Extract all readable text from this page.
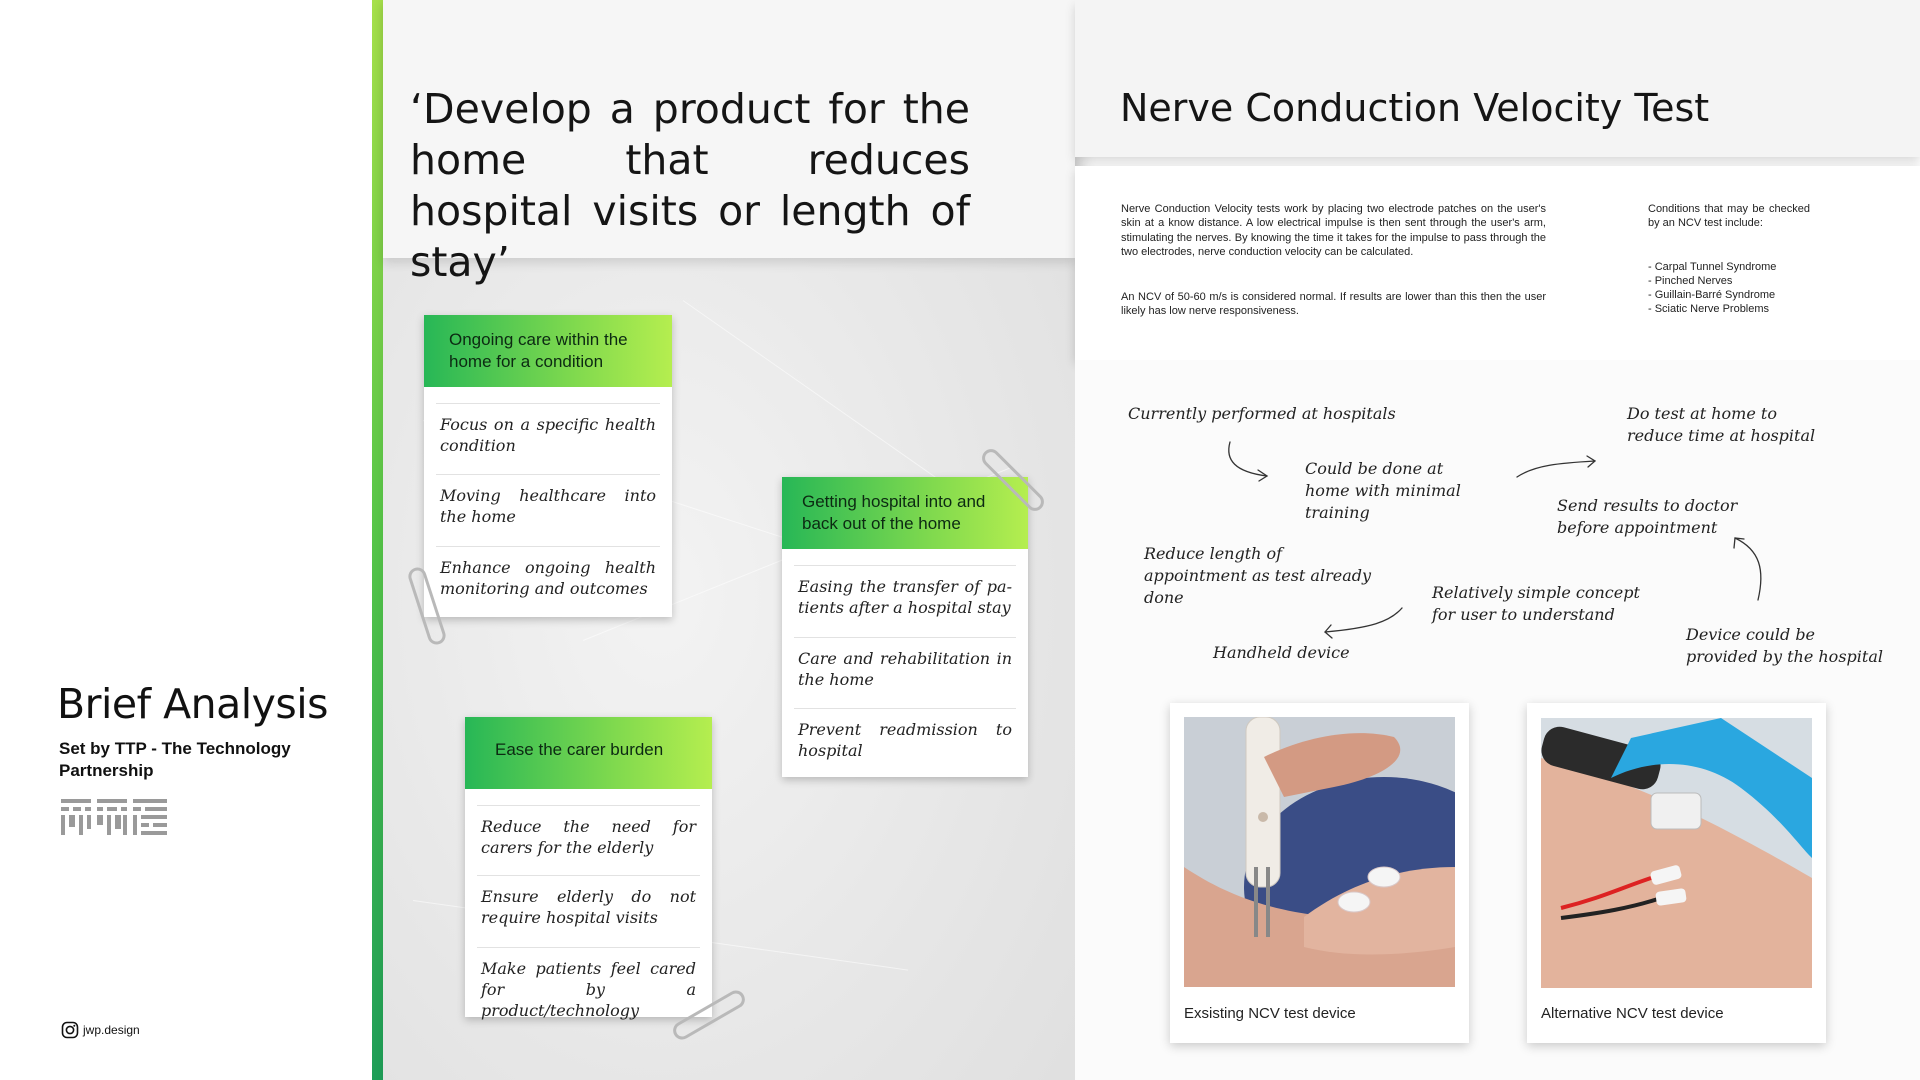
Brief Analysis
Set by TTP - The Technology Partnership
jwp.design
‘Develop a product for the home that reduces hospital visits or length of stay’
Ongoing care within the home for a condition
Focus on a specific health condition
Moving healthcare into the home
Enhance ongoing health monitoring and outcomes
Getting hospital into and back out of the home
Easing the transfer of pa-tients after a hospital stay
Care and rehabilitation in the home
Prevent readmission to hospital
Ease the carer burden
Reduce the need for carers for the elderly
Ensure elderly do not require hospital visits
Make patients feel cared for by a product/technology
Nerve Conduction Velocity Test
Nerve Conduction Velocity tests work by placing two electrode patches on the user's skin at a know distance. A low electrical impulse is then sent through the user's arm, stimulating the nerves. By knowing the time it takes for the impulse to pass through the two electrodes, nerve conduction velocity can be calculated.
An NCV of 50-60 m/s is considered normal. If results are lower than this then the user likely has low nerve responsiveness.
Conditions that may be checked by an NCV test include:
- Carpal Tunnel Syndrome
- Pinched Nerves
- Guillain-Barré Syndrome
- Sciatic Nerve Problems
Currently performed at hospitals
Could be done at home with minimal training
Do test at home to reduce time at hospital
Send results to doctor before appointment
Reduce length of appointment as test already done	Relatively simple concept for user to understand
Handheld device
Device could be provided by the hospital
Exsisting NCV test device	Alternative NCV test device
